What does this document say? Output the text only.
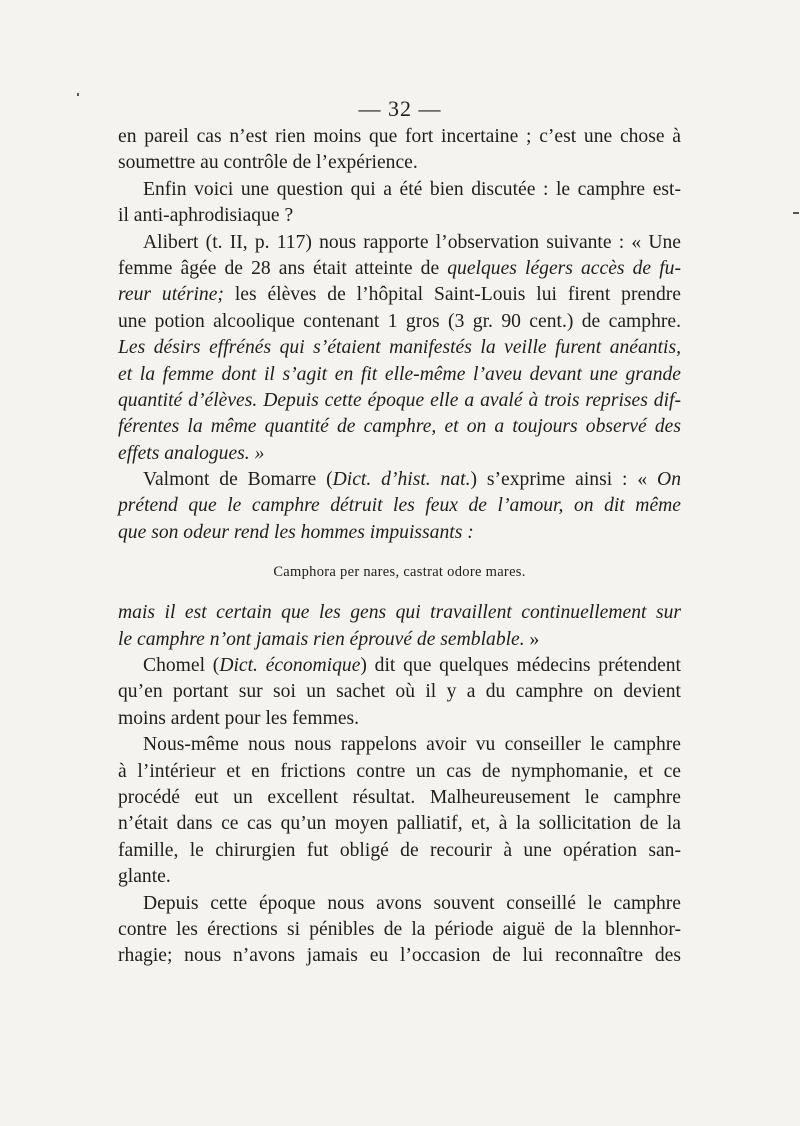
— 32 —
en pareil cas n’est rien moins que fort incertaine ; c’est une chose à
soumettre au contrôle de l’expérience.
Enfin voici une question qui a été bien discutée : le camphre est-
il anti-aphrodisiaque ?
Alibert (t. II, p. 117) nous rapporte l’observation suivante : « Une
femme âgée de 28 ans était atteinte de quelques légers accès de fu-
reur utérine; les élèves de l’hôpital Saint-Louis lui firent prendre
une potion alcoolique contenant 1 gros (3 gr. 90 cent.) de camphre.
Les désirs effrénés qui s’étaient manifestés la veille furent anéantis,
et la femme dont il s’agit en fit elle-même l’aveu devant une grande
quantité d’élèves. Depuis cette époque elle a avalé à trois reprises dif-
férentes la même quantité de camphre, et on a toujours observé des
effets analogues. »
Valmont de Bomarre (Dict. d’hist. nat.) s’exprime ainsi : « On
prétend que le camphre détruit les feux de l’amour, on dit même
que son odeur rend les hommes impuissants :
Camphora per nares, castrat odore mares.
mais il est certain que les gens qui travaillent continuellement sur
le camphre n’ont jamais rien éprouvé de semblable. »
Chomel (Dict. économique) dit que quelques médecins prétendent
qu’en portant sur soi un sachet où il y a du camphre on devient
moins ardent pour les femmes.
Nous-même nous nous rappelons avoir vu conseiller le camphre
à l’intérieur et en frictions contre un cas de nymphomanie, et ce
procédé eut un excellent résultat. Malheureusement le camphre
n’était dans ce cas qu’un moyen palliatif, et, à la sollicitation de la
famille, le chirurgien fut obligé de recourir à une opération san-
glante.
Depuis cette époque nous avons souvent conseillé le camphre
contre les érections si pénibles de la période aiguë de la blennhor-
rhagie; nous n’avons jamais eu l’occasion de lui reconnaître des
